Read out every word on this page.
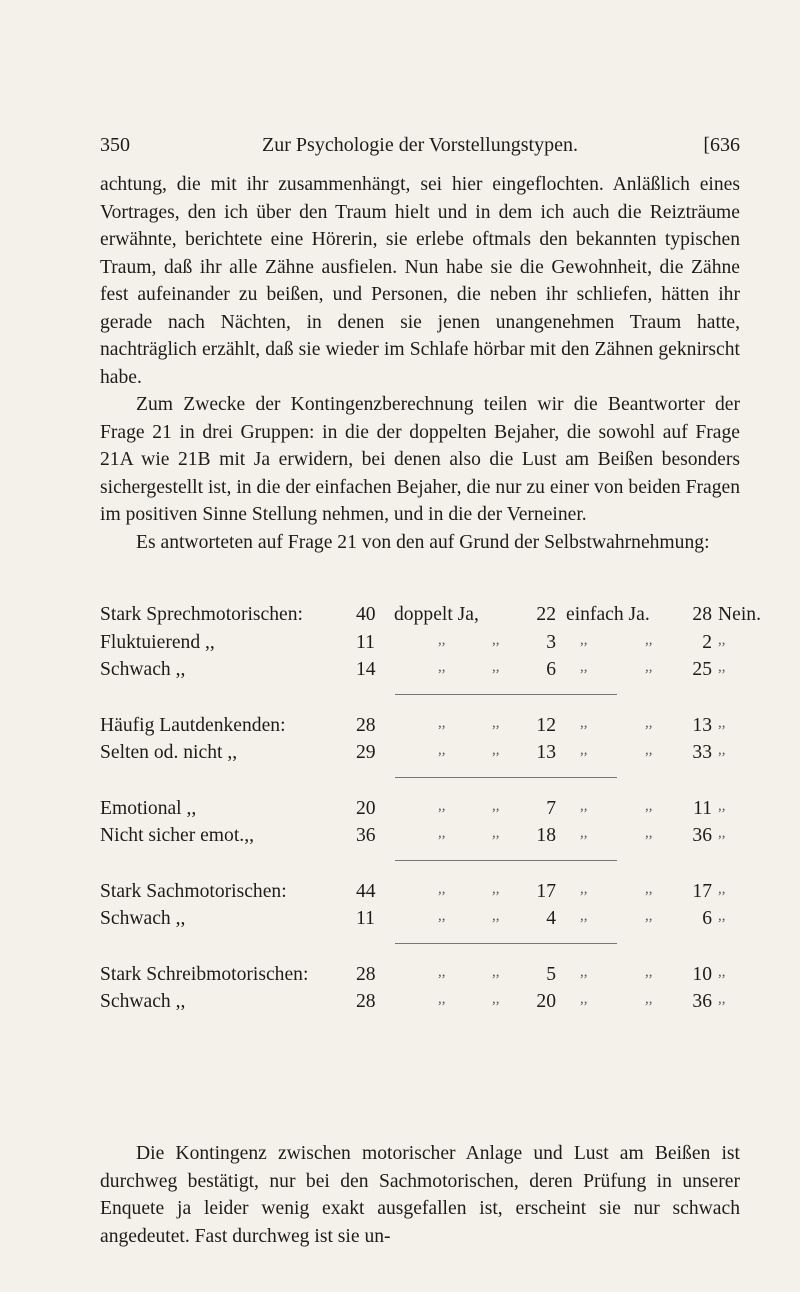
350	Zur Psychologie der Vorstellungstypen.	[636

achtung, die mit ihr zusammenhängt, sei hier eingeflochten. Anläßlich eines Vortrages, den ich über den Traum hielt und in dem ich auch die Reizträume erwähnte, berichtete eine Hörerin, sie erlebe oftmals den bekannten typischen Traum, daß ihr alle Zähne ausfielen. Nun habe sie die Gewohnheit, die Zähne fest aufeinander zu beißen, und Personen, die neben ihr schliefen, hätten ihr gerade nach Nächten, in denen sie jenen unangenehmen Traum hatte, nachträglich erzählt, daß sie wieder im Schlafe hörbar mit den Zähnen geknirscht habe.

Zum Zwecke der Kontingenzberechnung teilen wir die Beantworter der Frage 21 in drei Gruppen: in die der doppelten Bejaher, die sowohl auf Frage 21A wie 21B mit Ja erwidern, bei denen also die Lust am Beißen besonders sichergestellt ist, in die der einfachen Bejaher, die nur zu einer von beiden Fragen im positiven Sinne Stellung nehmen, und in die der Verneiner.

Es antworteten auf Frage 21 von den auf Grund der Selbstwahrnehmung:

Stark Sprechmotorischen:	40 doppelt Ja,	22 einfach Ja.	28 Nein.
Fluktuierend ,,	11	,,	,,	3 ,,	,,	2 ,,
Schwach ,,	14	,,	,,	6 ,,	,,	25 ,,
Häufig Lautdenkenden:	28	,,	,,	12 ,,	,,	13 ,,
Selten od. nicht ,,	29	,,	,,	13 ,,	,,	33 ,,
Emotional ,,	20	,,	,,	7 ,,	,,	11 ,,
Nicht sicher emot.,,	36	,,	,,	18 ,,	,,	36 ,,
Stark Sachmotorischen:	44	,,	,,	17 ,,	,,	17 ,,
Schwach ,,	11	,,	,,	4 ,,	,,	6 ,,
Stark Schreibmotorischen: 28	,,	,,	5 ,,	,,	10 ,,
Schwach ,,	28	,,	,,	20 ,,	,,	36 ,,

Die Kontingenz zwischen motorischer Anlage und Lust am Beißen ist durchweg bestätigt, nur bei den Sachmotorischen, deren Prüfung in unserer Enquete ja leider wenig exakt ausgefallen ist, erscheint sie nur schwach angedeutet. Fast durchweg ist sie un-
